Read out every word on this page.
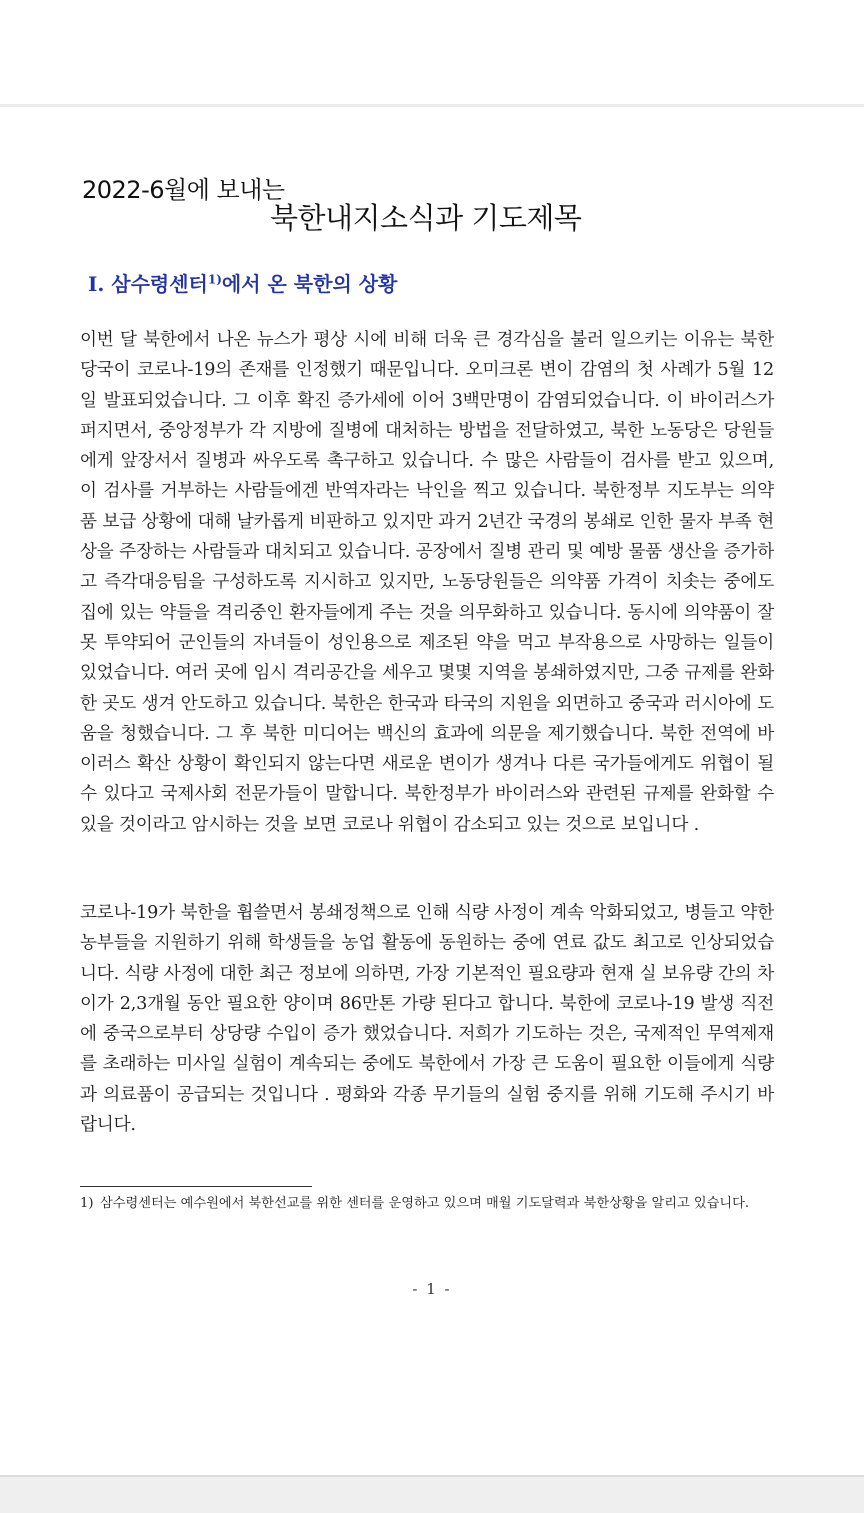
2022-6월에 보내는
북한내지소식과 기도제목
Ⅰ. 삼수령센터$^{1)}$에서 온 북한의 상황
이번 달 북한에서 나온 뉴스가 평상 시에 비해 더욱 큰 경각심을 불러 일으키는 이유는 북한 당국이 코로나-19의 존재를 인정했기 때문입니다. 오미크론 변이 감염의 첫 사례가 5월 12일 발표되었습니다. 그 이후 확진 증가세에 이어 3백만명이 감염되었습니다. 이 바이러스가 퍼지면서, 중앙정부가 각 지방에 질병에 대처하는 방법을 전달하였고, 북한 노동당은 당원들에게 앞장서서 질병과 싸우도록 촉구하고 있습니다. 수 많은 사람들이 검사를 받고 있으며, 이 검사를 거부하는 사람들에겐 반역자라는 낙인을 찍고 있습니다. 북한정부 지도부는 의약품 보급 상황에 대해 날카롭게 비판하고 있지만 과거 2년간 국경의 봉쇄로 인한 물자 부족 현상을 주장하는 사람들과 대치되고 있습니다. 공장에서 질병 관리 및 예방 물품 생산을 증가하고 즉각대응팀을 구성하도록 지시하고 있지만, 노동당원들은 의약품 가격이 치솟는 중에도 집에 있는 약들을 격리중인 환자들에게 주는 것을 의무화하고 있습니다. 동시에 의약품이 잘못 투약되어 군인들의 자녀들이 성인용으로 제조된 약을 먹고 부작용으로 사망하는 일들이 있었습니다. 여러 곳에 임시 격리공간을 세우고 몇몇 지역을 봉쇄하였지만, 그중 규제를 완화한 곳도 생겨 안도하고 있습니다. 북한은 한국과 타국의 지원을 외면하고 중국과 러시아에 도움을 청했습니다. 그 후 북한 미디어는 백신의 효과에 의문을 제기했습니다. 북한 전역에 바이러스 확산 상황이 확인되지 않는다면 새로운 변이가 생겨나 다른 국가들에게도 위협이 될 수 있다고 국제사회 전문가들이 말합니다. 북한정부가 바이러스와 관련된 규제를 완화할 수 있을 것이라고 암시하는 것을 보면 코로나 위협이 감소되고 있는 것으로 보입니다 .
코로나-19가 북한을 휩쓸면서 봉쇄정책으로 인해 식량 사정이 계속 악화되었고, 병들고 약한 농부들을 지원하기 위해 학생들을 농업 활동에 동원하는 중에 연료 값도 최고로 인상되었습니다. 식량 사정에 대한 최근 정보에 의하면, 가장 기본적인 필요량과 현재 실 보유량 간의 차이가 2,3개월 동안 필요한 양이며 86만톤 가량 된다고 합니다. 북한에 코로나-19 발생 직전에 중국으로부터 상당량 수입이 증가 했었습니다. 저희가 기도하는 것은, 국제적인 무역제재를 초래하는 미사일 실험이 계속되는 중에도 북한에서 가장 큰 도움이 필요한 이들에게 식량과 의료품이 공급되는 것입니다 . 평화와 각종 무기들의 실험 중지를 위해 기도해 주시기 바랍니다.
1) 삼수령센터는 예수원에서 북한선교를 위한 센터를 운영하고 있으며 매월 기도달력과 북한상황을 알리고 있습니다.
- 1 -
